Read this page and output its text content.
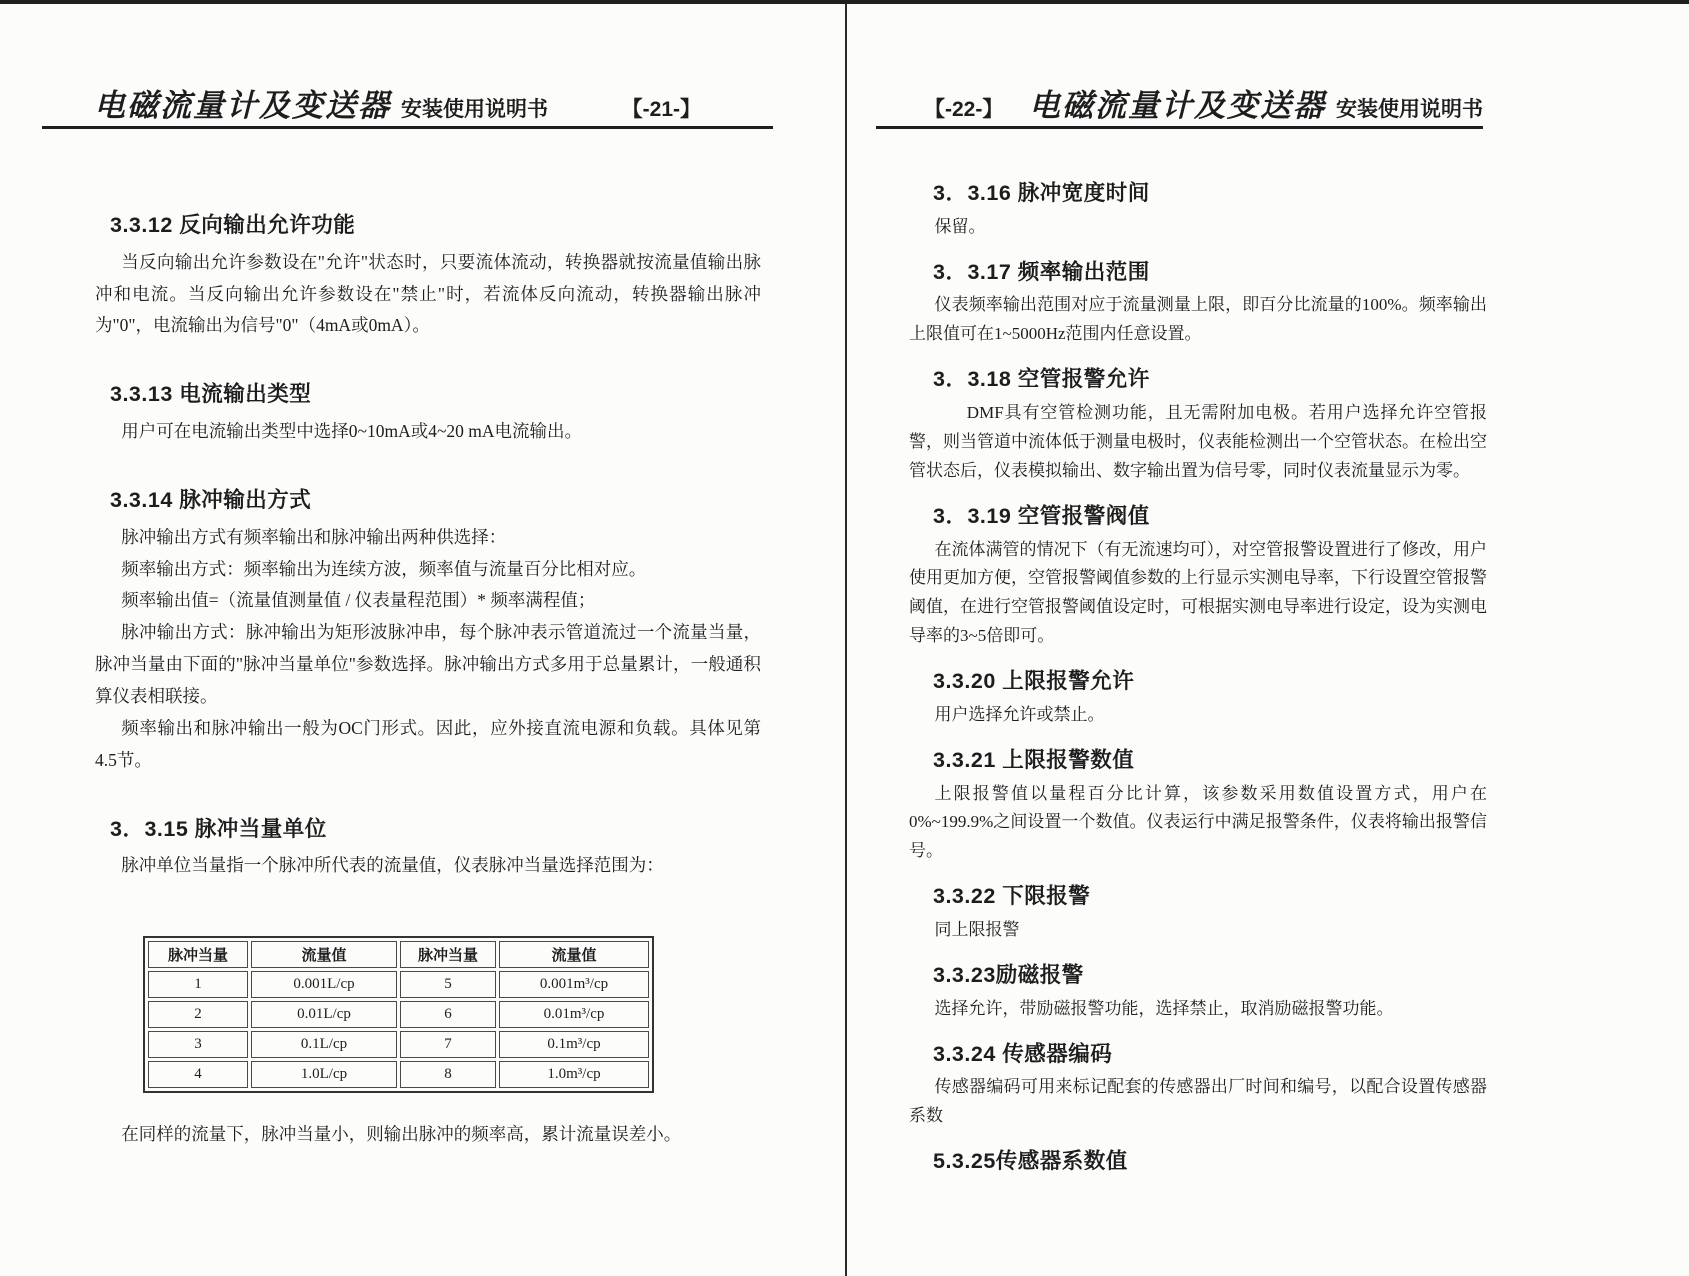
电磁流量计及变送器 安装使用说明书	【-21-】
3.3.12 反向输出允许功能

当反向输出允许参数设在"允许"状态时，只要流体流动，转换器就按流量值输出脉冲和电流。当反向输出允许参数设在"禁止"时，若流体反向流动，转换器输出脉冲为"0"，电流输出为信号"0"（4mA或0mA）。

3.3.13 电流输出类型

用户可在电流输出类型中选择0~10mA或4~20 mA电流输出。

3.3.14 脉冲输出方式

脉冲输出方式有频率输出和脉冲输出两种供选择：

频率输出方式：频率输出为连续方波，频率值与流量百分比相对应。

频率输出值=（流量值测量值 / 仪表量程范围）* 频率满程值；

脉冲输出方式：脉冲输出为矩形波脉冲串，每个脉冲表示管道流过一个流量当量，脉冲当量由下面的"脉冲当量单位"参数选择。脉冲输出方式多用于总量累计，一般通积算仪表相联接。

频率输出和脉冲输出一般为OC门形式。因此，应外接直流电源和负载。具体见第4.5节。

3．3.15 脉冲当量单位

脉冲单位当量指一个脉冲所代表的流量值，仪表脉冲当量选择范围为：

脉冲当量	流量值	脉冲当量	流量值
1	0.001L/cp	5	0.001m³/cp
2	0.01L/cp	6	0.01m³/cp
3	0.1L/cp	7	0.1m³/cp
4	1.0L/cp	8	1.0m³/cp

在同样的流量下，脉冲当量小，则输出脉冲的频率高，累计流量误差小。

【-22-】 电磁流量计及变送器 安装使用说明书
3．3.16 脉冲宽度时间

保留。

3．3.17 频率输出范围

仪表频率输出范围对应于流量测量上限，即百分比流量的100%。频率输出上限值可在1~5000Hz范围内任意设置。

3．3.18 空管报警允许

DMF具有空管检测功能，且无需附加电极。若用户选择允许空管报警，则当管道中流体低于测量电极时，仪表能检测出一个空管状态。在检出空管状态后，仪表模拟输出、数字输出置为信号零，同时仪表流量显示为零。

3．3.19 空管报警阀值

在流体满管的情况下（有无流速均可），对空管报警设置进行了修改，用户使用更加方便，空管报警阈值参数的上行显示实测电导率，下行设置空管报警阈值，在进行空管报警阈值设定时，可根据实测电导率进行设定，设为实测电导率的3~5倍即可。

3.3.20 上限报警允许

用户选择允许或禁止。

3.3.21 上限报警数值

上限报警值以量程百分比计算，该参数采用数值设置方式，用户在0%~199.9%之间设置一个数值。仪表运行中满足报警条件，仪表将输出报警信号。

3.3.22 下限报警

同上限报警

3.3.23励磁报警

选择允许，带励磁报警功能，选择禁止，取消励磁报警功能。

3.3.24 传感器编码

传感器编码可用来标记配套的传感器出厂时间和编号，以配合设置传感器系数

5.3.25传感器系数值
